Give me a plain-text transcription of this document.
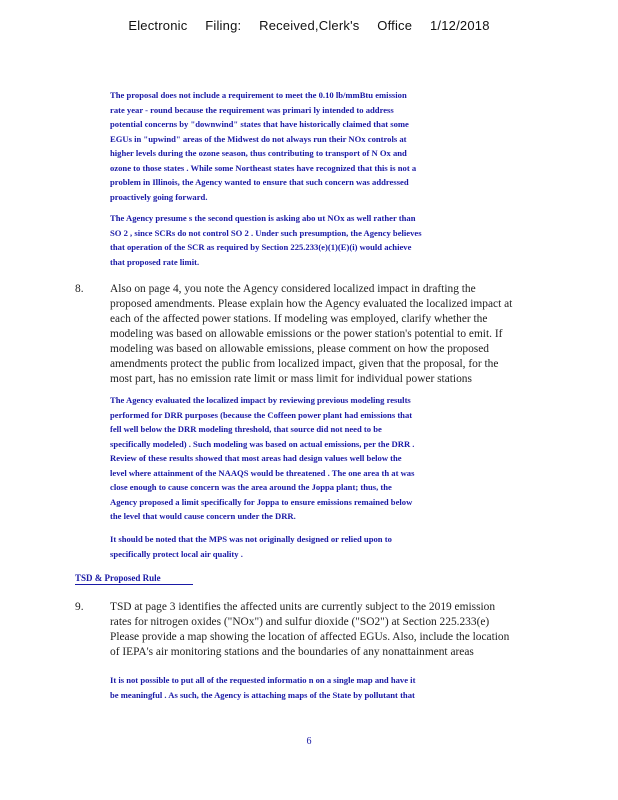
Electronic Filing: Received,Clerk's Office 1/12/2018

The proposal does not include a requirement to meet the 0.10 lb/mmBtu emission

rate year - round because the requirement was primari ly intended to address

potential concerns by "downwind" states that have historically claimed that some

EGUs in "upwind" areas of the Midwest do not always run their NOx controls at

higher levels during the ozone season, thus contributing to transport of N Ox and

ozone to those states . While some Northeast states have recognized that this is not a

problem in Illinois, the Agency wanted to ensure that such concern was addressed

proactively going forward.

The Agency presume s the second question is asking abo ut NOx as well rather than

SO 2 , since SCRs do not control SO 2 . Under such presumption, the Agency believes

that operation of the SCR as required by Section 225.233(e)(1)(E)(i) would achieve

that proposed rate limit.

8.	Also on page 4, you note the Agency considered localized impact in drafting the
proposed amendments. Please explain how the Agency evaluated the localized impact at
each of the affected power stations. If modeling was employed, clarify whether the
modeling was based on allowable emissions or the power station's potential to emit. If
modeling was based on allowable emissions, please comment on how the proposed
amendments protect the public from localized impact, given that the proposal, for the
most part, has no emission rate limit or mass limit for individual power stations

The Agency evaluated the localized impact by reviewing previous modeling results

performed for DRR purposes (because the Coffeen power plant had emissions that

fell well below the DRR modeling threshold, that source did not need to be

specifically modeled) . Such modeling was based on actual emissions, per the DRR .

Review of these results showed that most areas had design values well below the

level where attainment of the NAAQS would be threatened . The one area th at was

close enough to cause concern was the area around the Joppa plant; thus, the

Agency proposed a limit specifically for Joppa to ensure emissions remained below

the level that would cause concern under the DRR.

It should be noted that the MPS was not originally designed or relied upon to

specifically protect local air quality .

TSD & Proposed Rule
9.	TSD at page 3 identifies the affected units are currently subject to the 2019 emission
rates for nitrogen oxides ("NOx") and sulfur dioxide ("SO2") at Section 225.233(e)
Please provide a map showing the location of affected EGUs. Also, include the location
of IEPA's air monitoring stations and the boundaries of any nonattainment areas

It is not possible to put all of the requested informatio n on a single map and have it

be meaningful . As such, the Agency is attaching maps of the State by pollutant that

6
